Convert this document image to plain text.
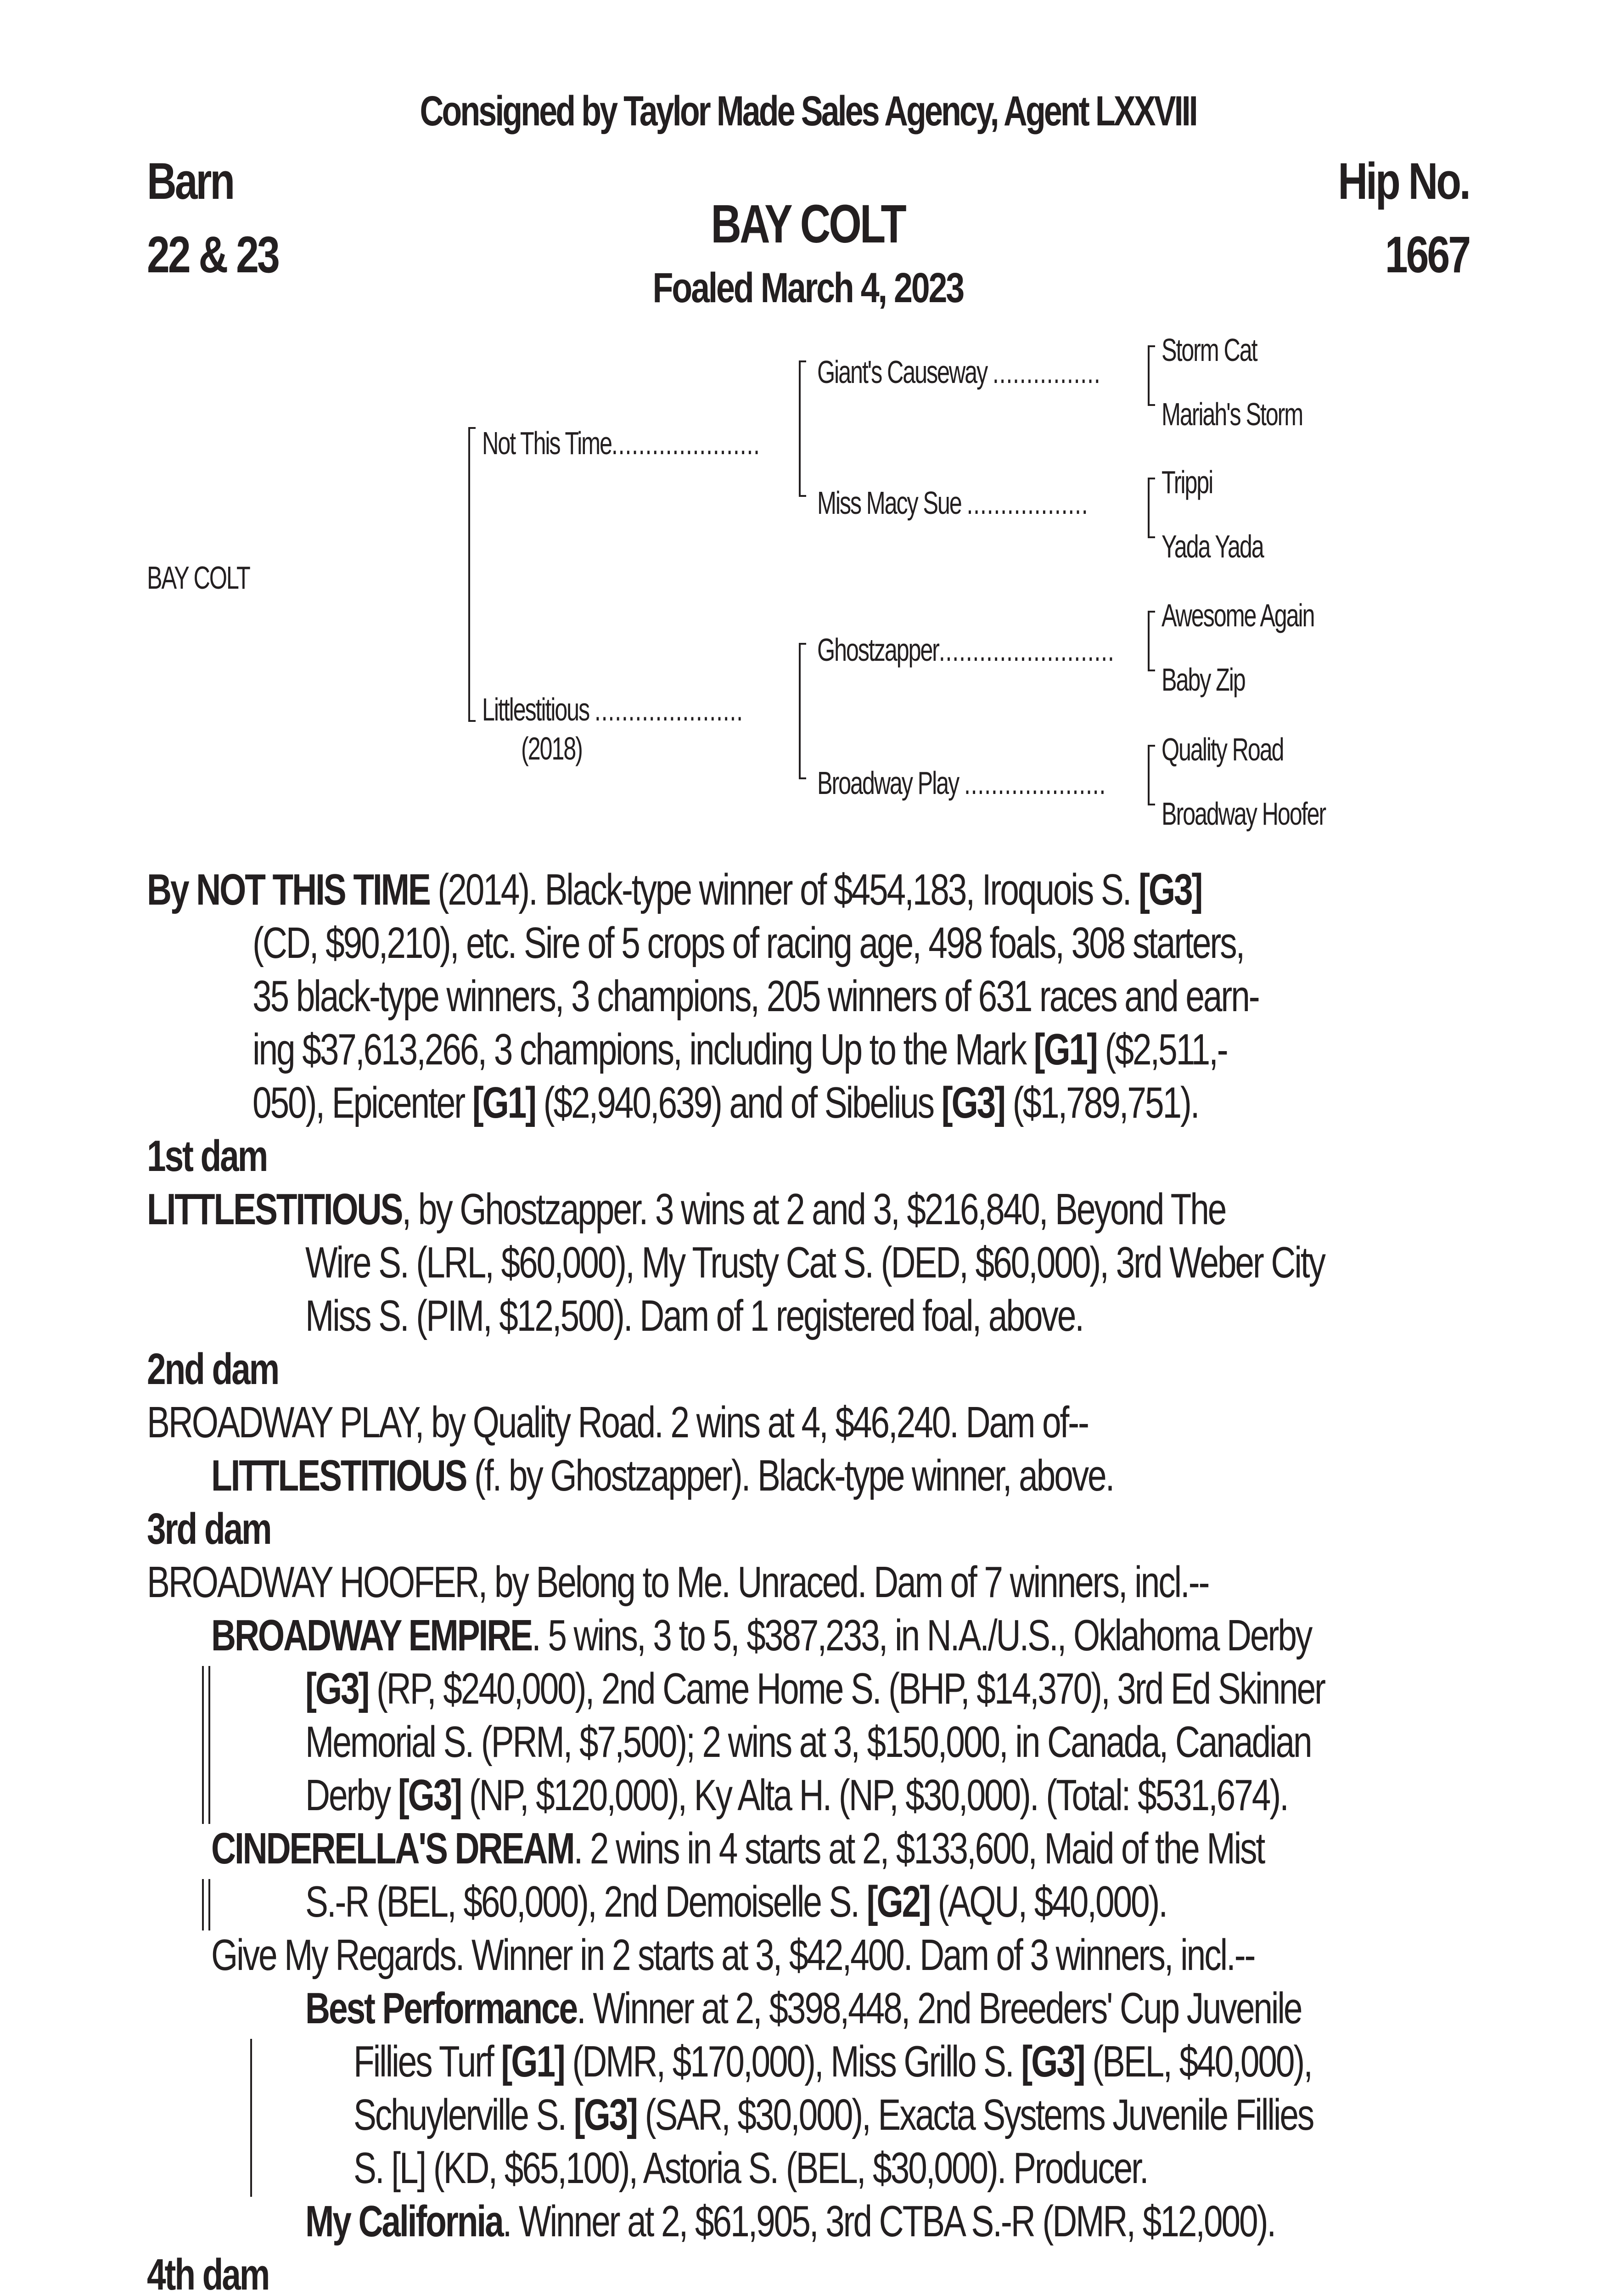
Consigned by Taylor Made Sales Agency, Agent LXXVIII
Barn
22 & 23
Hip No.
1667
BAY COLT
Foaled March 4, 2023
BAY COLT
Not This Time......................
Littlestitious ......................
(2018)
Giant's Causeway ................
Miss Macy Sue ..................
Ghostzapper..........................
Broadway Play .....................
Storm Cat
Mariah's Storm
Trippi
Yada Yada
Awesome Again
Baby Zip
Quality Road
Broadway Hoofer
By NOT THIS TIME (2014). Black-type winner of $454,183, Iroquois S. [G3]
(CD, $90,210), etc. Sire of 5 crops of racing age, 498 foals, 308 starters,
35 black-type winners, 3 champions, 205 winners of 631 races and earn-
ing $37,613,266, 3 champions, including Up to the Mark [G1] ($2,511,-
050), Epicenter [G1] ($2,940,639) and of Sibelius [G3] ($1,789,751).
1st dam
LITTLESTITIOUS, by Ghostzapper. 3 wins at 2 and 3, $216,840, Beyond The
Wire S. (LRL, $60,000), My Trusty Cat S. (DED, $60,000), 3rd Weber City
Miss S. (PIM, $12,500). Dam of 1 registered foal, above.
2nd dam
BROADWAY PLAY, by Quality Road. 2 wins at 4, $46,240. Dam of--
LITTLESTITIOUS (f. by Ghostzapper). Black-type winner, above.
3rd dam
BROADWAY HOOFER, by Belong to Me. Unraced. Dam of 7 winners, incl.--
BROADWAY EMPIRE. 5 wins, 3 to 5, $387,233, in N.A./U.S., Oklahoma Derby
[G3] (RP, $240,000), 2nd Came Home S. (BHP, $14,370), 3rd Ed Skinner
Memorial S. (PRM, $7,500); 2 wins at 3, $150,000, in Canada, Canadian
Derby [G3] (NP, $120,000), Ky Alta H. (NP, $30,000). (Total: $531,674).
CINDERELLA'S DREAM. 2 wins in 4 starts at 2, $133,600, Maid of the Mist
S.-R (BEL, $60,000), 2nd Demoiselle S. [G2] (AQU, $40,000).
Give My Regards. Winner in 2 starts at 3, $42,400. Dam of 3 winners, incl.--
Best Performance. Winner at 2, $398,448, 2nd Breeders' Cup Juvenile
Fillies Turf [G1] (DMR, $170,000), Miss Grillo S. [G3] (BEL, $40,000),
Schuylerville S. [G3] (SAR, $30,000), Exacta Systems Juvenile Fillies
S. [L] (KD, $65,100), Astoria S. (BEL, $30,000). Producer.
My California. Winner at 2, $61,905, 3rd CTBA S.-R (DMR, $12,000).
4th dam
